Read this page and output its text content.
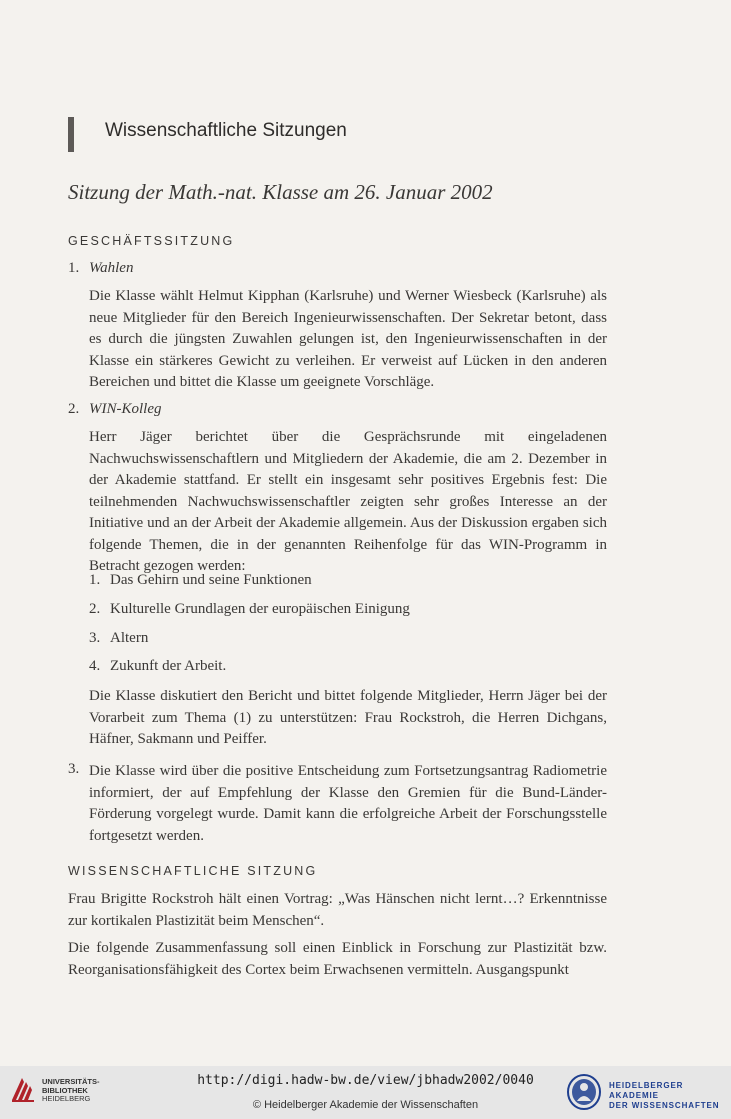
Wissenschaftliche Sitzungen
Sitzung der Math.-nat. Klasse am 26. Januar 2002
GESCHÄFTSSITZUNG
1. Wahlen

Die Klasse wählt Helmut Kipphan (Karlsruhe) und Werner Wiesbeck (Karlsruhe) als neue Mitglieder für den Bereich Ingenieurwissenschaften. Der Sekretar betont, dass es durch die jüngsten Zuwahlen gelungen ist, den Ingenieurwissenschaften in der Klasse ein stärkeres Gewicht zu verleihen. Er verweist auf Lücken in den anderen Bereichen und bittet die Klasse um geeignete Vorschläge.

2. WIN-Kolleg

Herr Jäger berichtet über die Gesprächsrunde mit eingeladenen Nachwuchswissenschaftlern und Mitgliedern der Akademie, die am 2. Dezember in der Akademie stattfand. Er stellt ein insgesamt sehr positives Ergebnis fest: Die teilnehmenden Nachwuchswissenschaftler zeigten sehr großes Interesse an der Initiative und an der Arbeit der Akademie allgemein. Aus der Diskussion ergaben sich folgende Themen, die in der genannten Reihenfolge für das WIN-Programm in Betracht gezogen werden:

1. Das Gehirn und seine Funktionen
2. Kulturelle Grundlagen der europäischen Einigung
3. Altern
4. Zukunft der Arbeit.

Die Klasse diskutiert den Bericht und bittet folgende Mitglieder, Herrn Jäger bei der Vorarbeit zum Thema (1) zu unterstützen: Frau Rockstroh, die Herren Dichgans, Häfner, Sakmann und Peiffer.

3. Die Klasse wird über die positive Entscheidung zum Fortsetzungsantrag Radiometrie informiert, der auf Empfehlung der Klasse den Gremien für die Bund-Länder-Förderung vorgelegt wurde. Damit kann die erfolgreiche Arbeit der Forschungsstelle fortgesetzt werden.

WISSENSCHAFTLICHE SITZUNG

Frau Brigitte Rockstroh hält einen Vortrag: „Was Hänschen nicht lernt…? Erkenntnisse zur kortikalen Plastizität beim Menschen“.

Die folgende Zusammenfassung soll einen Einblick in Forschung zur Plastizität bzw. Reorganisationsfähigkeit des Cortex beim Erwachsenen vermitteln. Ausgangspunkt

UNIVERSITÄTS-
BIBLIOTHEK
HEIDELBERG
http://digi.hadw-bw.de/view/jbhadw2002/0040
© Heidelberger Akademie der Wissenschaften
HEIDELBERGER AKADEMIE
DER WISSENSCHAFTEN
